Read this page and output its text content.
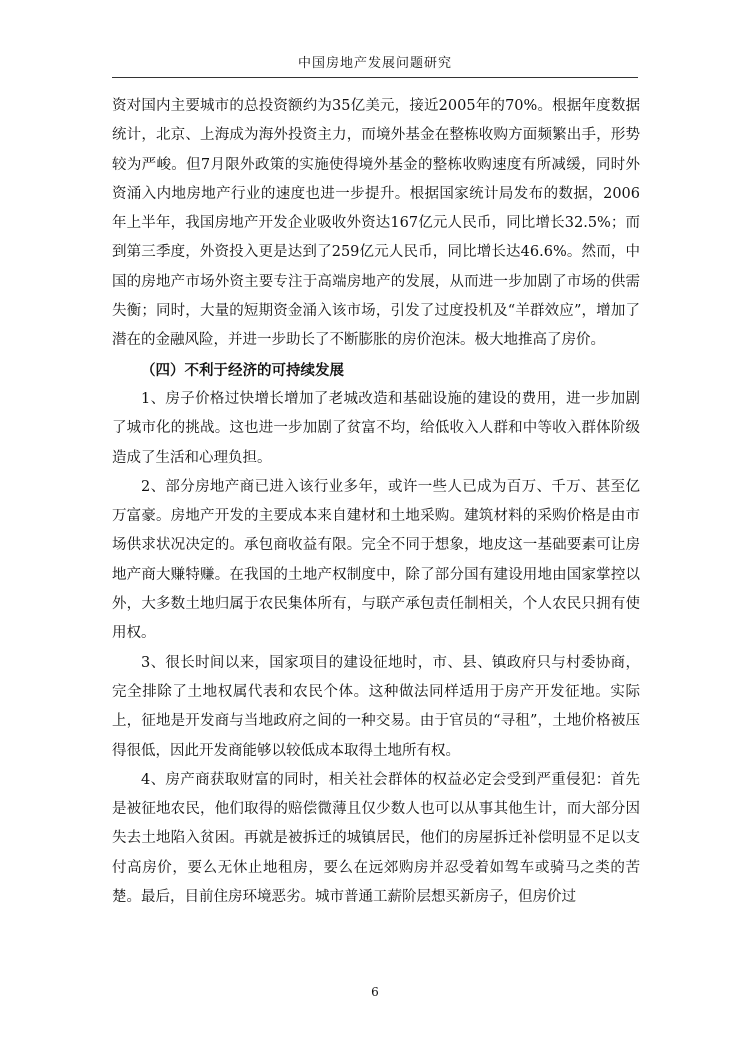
中国房地产发展问题研究

资对国内主要城市的总投资额约为35亿美元，接近2005年的70%。根据年度数据统计，北京、上海成为海外投资主力，而境外基金在整栋收购方面频繁出手，形势较为严峻。但7月限外政策的实施使得境外基金的整栋收购速度有所减缓，同时外资涌入内地房地产行业的速度也进一步提升。根据国家统计局发布的数据，2006年上半年，我国房地产开发企业吸收外资达167亿元人民币，同比增长32.5%；而到第三季度，外资投入更是达到了259亿元人民币，同比增长达46.6%。然而，中国的房地产市场外资主要专注于高端房地产的发展，从而进一步加剧了市场的供需失衡；同时，大量的短期资金涌入该市场，引发了过度投机及“羊群效应”，增加了潜在的金融风险，并进一步助长了不断膨胀的房价泡沫。极大地推高了房价。

（四）不利于经济的可持续发展

1、房子价格过快增长增加了老城改造和基础设施的建设的费用，进一步加剧了城市化的挑战。这也进一步加剧了贫富不均，给低收入人群和中等收入群体阶级造成了生活和心理负担。

2、部分房地产商已进入该行业多年，或许一些人已成为百万、千万、甚至亿万富豪。房地产开发的主要成本来自建材和土地采购。建筑材料的采购价格是由市场供求状况决定的。承包商收益有限。完全不同于想象，地皮这一基础要素可让房地产商大赚特赚。在我国的土地产权制度中，除了部分国有建设用地由国家掌控以外，大多数土地归属于农民集体所有，与联产承包责任制相关，个人农民只拥有使用权。

3、很长时间以来，国家项目的建设征地时，市、县、镇政府只与村委协商，完全排除了土地权属代表和农民个体。这种做法同样适用于房产开发征地。实际上，征地是开发商与当地政府之间的一种交易。由于官员的“寻租”，土地价格被压得很低，因此开发商能够以较低成本取得土地所有权。

4、房产商获取财富的同时，相关社会群体的权益必定会受到严重侵犯：首先是被征地农民，他们取得的赔偿微薄且仅少数人也可以从事其他生计，而大部分因失去土地陷入贫困。再就是被拆迁的城镇居民，他们的房屋拆迁补偿明显不足以支付高房价，要么无休止地租房，要么在远郊购房并忍受着如驾车或骑马之类的苦楚。最后，目前住房环境恶劣。城市普通工薪阶层想买新房子，但房价过

6
